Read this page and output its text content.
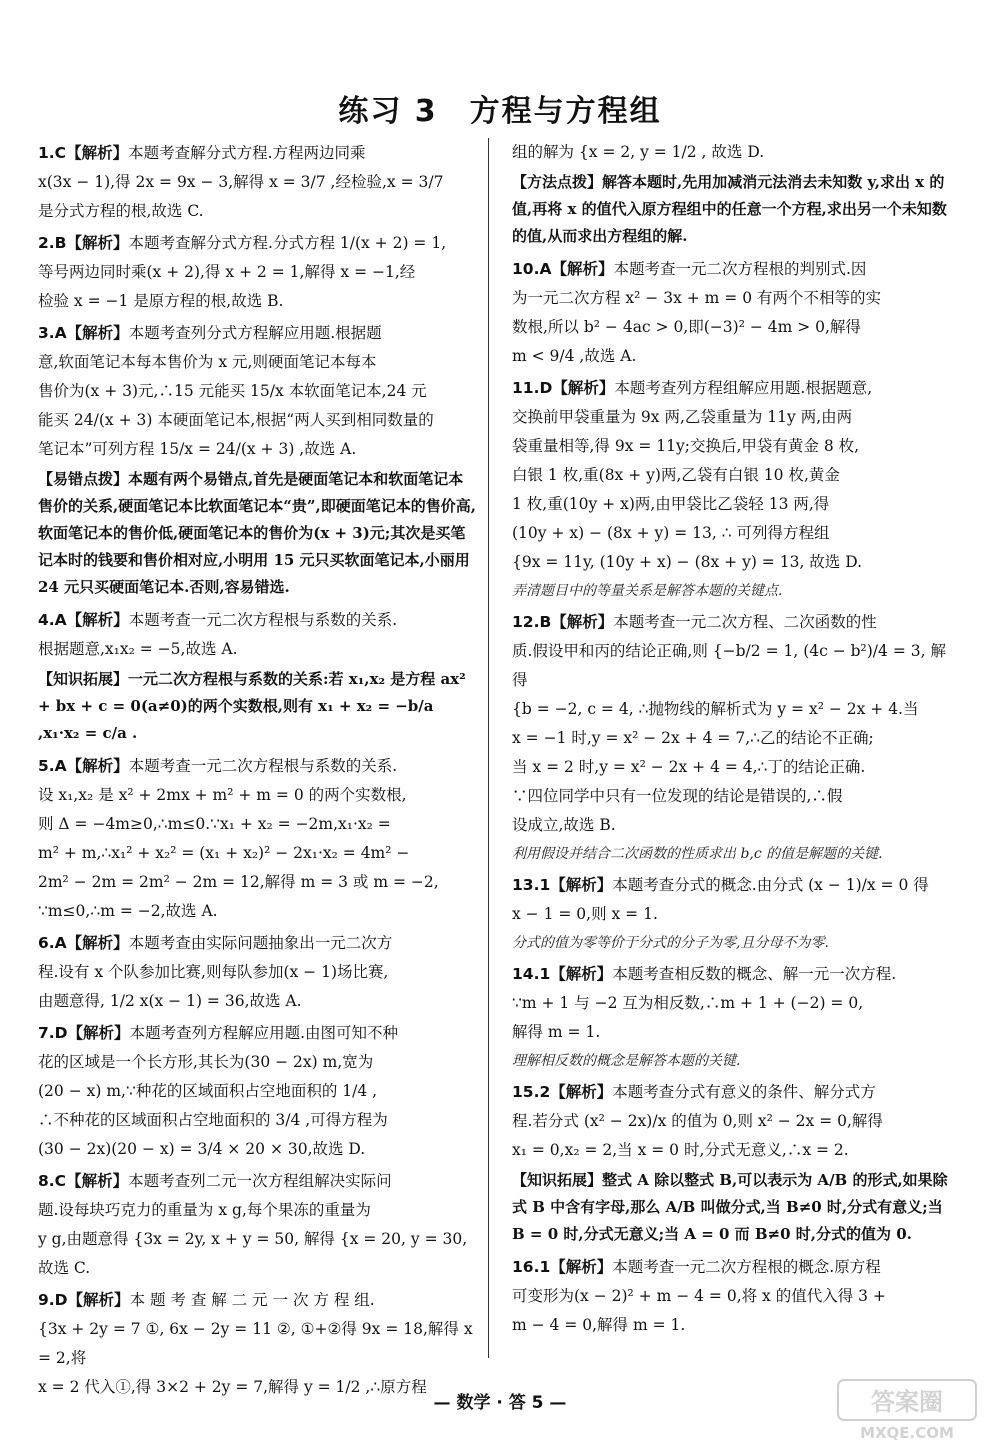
练习 3　方程与方程组
1.C【解析】本题考查解分式方程.方程两边同乘
x(3x − 1),得 2x = 9x − 3,解得 x = 3/7 ,经检验,x = 3/7
是分式方程的根,故选 C.
2.B【解析】本题考查解分式方程.分式方程 1/(x + 2) = 1,
等号两边同时乘(x + 2),得 x + 2 = 1,解得 x = −1,经
检验 x = −1 是原方程的根,故选 B.
3.A【解析】本题考查列分式方程解应用题.根据题
意,软面笔记本每本售价为 x 元,则硬面笔记本每本
售价为(x + 3)元,∴15 元能买 15/x 本软面笔记本,24 元
能买 24/(x + 3) 本硬面笔记本,根据“两人买到相同数量的
笔记本”可列方程 15/x = 24/(x + 3) ,故选 A.
【易错点拨】本题有两个易错点,首先是硬面笔记本和软面笔记本售价的关系,硬面笔记本比软面笔记本“贵”,即硬面笔记本的售价高,软面笔记本的售价低,硬面笔记本的售价为(x + 3)元;其次是买笔记本时的钱要和售价相对应,小明用 15 元只买软面笔记本,小丽用 24 元只买硬面笔记本.否则,容易错选.
4.A【解析】本题考查一元二次方程根与系数的关系.
根据题意,x₁x₂ = −5,故选 A.
【知识拓展】一元二次方程根与系数的关系:若 x₁,x₂ 是方程 ax² + bx + c = 0(a≠0)的两个实数根,则有 x₁ + x₂ = −b/a ,x₁·x₂ = c/a .
5.A【解析】本题考查一元二次方程根与系数的关系.
设 x₁,x₂ 是 x² + 2mx + m² + m = 0 的两个实数根,
则 Δ = −4m≥0,∴m≤0.∵x₁ + x₂ = −2m,x₁·x₂ =
m² + m,∴x₁² + x₂² = (x₁ + x₂)² − 2x₁·x₂ = 4m² −
2m² − 2m = 2m² − 2m = 12,解得 m = 3 或 m = −2,
∵m≤0,∴m = −2,故选 A.
6.A【解析】本题考查由实际问题抽象出一元二次方
程.设有 x 个队参加比赛,则每队参加(x − 1)场比赛,
由题意得, 1/2 x(x − 1) = 36,故选 A.
7.D【解析】本题考查列方程解应用题.由图可知不种
花的区域是一个长方形,其长为(30 − 2x) m,宽为
(20 − x) m,∵种花的区域面积占空地面积的 1/4 ,
∴不种花的区域面积占空地面积的 3/4 ,可得方程为
(30 − 2x)(20 − x) = 3/4 × 20 × 30,故选 D.
8.C【解析】本题考查列二元一次方程组解决实际问
题.设每块巧克力的重量为 x g,每个果冻的重量为
y g,由题意得 {3x = 2y, x + y = 50, 解得 {x = 20, y = 30, 故选 C.
9.D【解析】本 题 考 查 解 二 元 一 次 方 程 组.
{3x + 2y = 7 ①, 6x − 2y = 11 ②, ①+②得 9x = 18,解得 x = 2,将
x = 2 代入①,得 3×2 + 2y = 7,解得 y = 1/2 ,∴原方程
组的解为 {x = 2, y = 1/2 , 故选 D.
【方法点拨】解答本题时,先用加减消元法消去未知数 y,求出 x 的值,再将 x 的值代入原方程组中的任意一个方程,求出另一个未知数的值,从而求出方程组的解.
10.A【解析】本题考查一元二次方程根的判别式.因
为一元二次方程 x² − 3x + m = 0 有两个不相等的实
数根,所以 b² − 4ac > 0,即(−3)² − 4m > 0,解得
m < 9/4 ,故选 A.
11.D【解析】本题考查列方程组解应用题.根据题意,
交换前甲袋重量为 9x 两,乙袋重量为 11y 两,由两
袋重量相等,得 9x = 11y;交换后,甲袋有黄金 8 枚,
白银 1 枚,重(8x + y)两,乙袋有白银 10 枚,黄金
1 枚,重(10y + x)两,由甲袋比乙袋轻 13 两,得
(10y + x) − (8x + y) = 13, ∴ 可列得方程组
{9x = 11y, (10y + x) − (8x + y) = 13, 故选 D.
弄清题目中的等量关系是解答本题的关键点.
12.B【解析】本题考查一元二次方程、二次函数的性
质.假设甲和丙的结论正确,则 {−b/2 = 1, (4c − b²)/4 = 3, 解得
{b = −2, c = 4, ∴抛物线的解析式为 y = x² − 2x + 4.当
x = −1 时,y = x² − 2x + 4 = 7,∴乙的结论不正确;
当 x = 2 时,y = x² − 2x + 4 = 4,∴丁的结论正确.
∵四位同学中只有一位发现的结论是错误的,∴假
设成立,故选 B.
利用假设并结合二次函数的性质求出 b,c 的值是解题的关键.
13.1【解析】本题考查分式的概念.由分式 (x − 1)/x = 0 得
x − 1 = 0,则 x = 1.
分式的值为零等价于分式的分子为零,且分母不为零.
14.1【解析】本题考查相反数的概念、解一元一次方程.
∵m + 1 与 −2 互为相反数,∴m + 1 + (−2) = 0,
解得 m = 1.
理解相反数的概念是解答本题的关键.
15.2【解析】本题考查分式有意义的条件、解分式方
程.若分式 (x² − 2x)/x 的值为 0,则 x² − 2x = 0,解得
x₁ = 0,x₂ = 2,当 x = 0 时,分式无意义,∴x = 2.
【知识拓展】整式 A 除以整式 B,可以表示为 A/B 的形式,如果除式 B 中含有字母,那么 A/B 叫做分式,当 B≠0 时,分式有意义;当 B = 0 时,分式无意义;当 A = 0 而 B≠0 时,分式的值为 0.
16.1【解析】本题考查一元二次方程根的概念.原方程
可变形为(x − 2)² + m − 4 = 0,将 x 的值代入得 3 +
m − 4 = 0,解得 m = 1.
— 数学 · 答 5 —	答案圈
MXQE.COM
